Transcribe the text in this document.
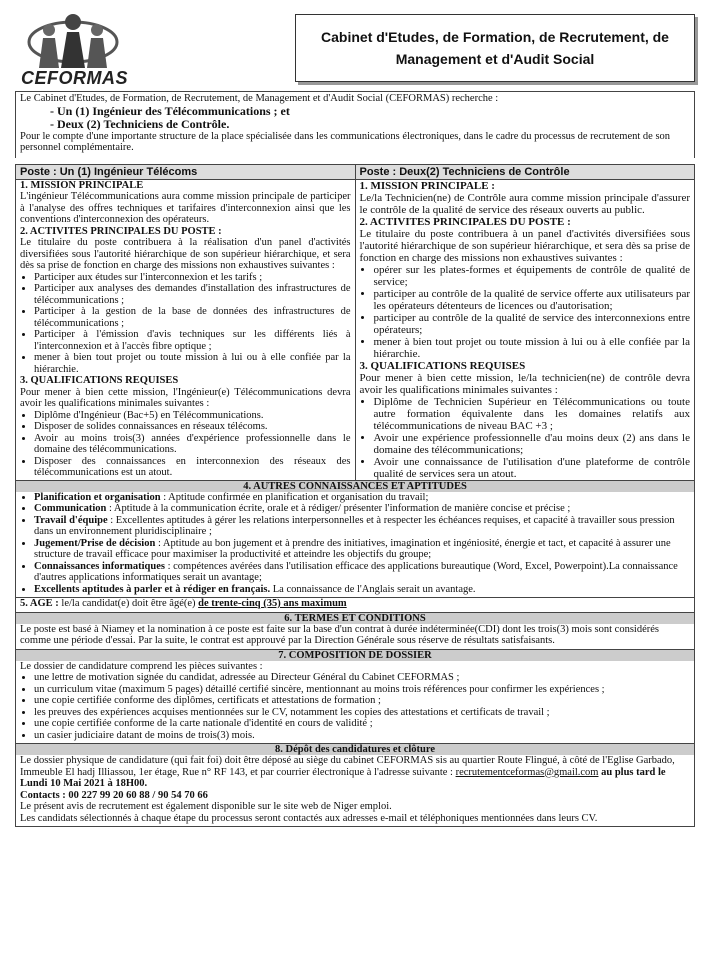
CEFORMAS
Cabinet d'Etudes, de Formation, de Recrutement, de Management et d'Audit Social
Le Cabinet d'Etudes, de Formation, de Recrutement, de Management et d'Audit Social (CEFORMAS) recherche :
- Un (1) Ingénieur des Télécommunications ; et
- Deux (2) Techniciens de Contrôle.
Pour le compte d'une importante structure de la place spécialisée dans les communications électroniques, dans le cadre du processus de recrutement de son personnel complémentaire.
Poste : Un (1) Ingénieur Télécoms
1. MISSION PRINCIPALE
L'ingénieur Télécommunications aura comme mission principale de participer à l'analyse des offres techniques et tarifaires d'interconnexion ainsi que les conventions d'interconnexion des opérateurs.
2. ACTIVITES PRINCIPALES DU POSTE :
Le titulaire du poste contribuera à la réalisation d'un panel d'activités diversifiées sous l'autorité hiérarchique de son supérieur hiérarchique, et sera dès sa prise de fonction en charge des missions non exhaustives suivantes :
• Participer aux études sur l'interconnexion et les tarifs ;
• Participer aux analyses des demandes d'installation des infrastructures de télécommunications ;
• Participer à la gestion de la base de données des infrastructures de télécommunications ;
• Participer à l'émission d'avis techniques sur les différents liés à l'interconnexion et à l'accès fibre optique ;
• mener à bien tout projet ou toute mission à lui ou à elle confiée par la hiérarchie.
3. QUALIFICATIONS REQUISES
Pour mener à bien cette mission, l'Ingénieur(e) Télécommunications devra avoir les qualifications minimales suivantes :
• Diplôme d'Ingénieur (Bac+5) en Télécommunications.
• Disposer de solides connaissances en réseaux télécoms.
• Avoir au moins trois(3) années d'expérience professionnelle dans le domaine des télécommunications.
• Disposer des connaissances en interconnexion des réseaux des télécommunications est un atout.
Poste : Deux(2) Techniciens de Contrôle
1. MISSION PRINCIPALE :
Le/la Technicien(ne) de Contrôle aura comme mission principale d'assurer le contrôle de la qualité de service des réseaux ouverts au public.
2. ACTIVITES PRINCIPALES DU POSTE :
Le titulaire du poste contribuera à un panel d'activités diversifiées sous l'autorité hiérarchique de son supérieur hiérarchique, et sera dès sa prise de fonction en charge des missions non exhaustives suivantes :
• opérer sur les plates-formes et équipements de contrôle de qualité de service;
• participer au contrôle de la qualité de service offerte aux utilisateurs par les opérateurs détenteurs de licences ou d'autorisation;
• participer au contrôle de la qualité de service des interconnexions entre opérateurs;
• mener à bien tout projet ou toute mission à lui ou à elle confiée par la hiérarchie.
3. QUALIFICATIONS REQUISES
Pour mener à bien cette mission, le/la technicien(ne) de contrôle devra avoir les qualifications minimales suivantes :
• Diplôme de Technicien Supérieur en Télécommunications ou toute autre formation équivalente dans les domaines relatifs aux télécommunications de niveau BAC +3 ;
• Avoir une expérience professionnelle d'au moins deux (2) ans dans le domaine des télécommunications;
• Avoir une connaissance de l'utilisation d'une plateforme de contrôle qualité de services sera un atout.
4. AUTRES CONNAISSANCES ET APTITUDES
• Planification et organisation : Aptitude confirmée en planification et organisation du travail;
• Communication : Aptitude à la communication écrite, orale et à rédiger/ présenter l'information de manière concise et précise ;
• Travail d'équipe : Excellentes aptitudes à gérer les relations interpersonnelles et à respecter les échéances requises, et capacité à travailler sous pression dans un environnement pluridisciplinaire ;
• Jugement/Prise de décision : Aptitude au bon jugement et à prendre des initiatives, imagination et ingéniosité, énergie et tact, et capacité à assurer une structure de travail efficace pour maximiser la productivité et atteindre les objectifs du groupe;
• Connaissances informatiques : compétences avérées dans l'utilisation efficace des applications bureautique (Word, Excel, Powerpoint).La connaissance d'autres applications informatiques serait un avantage;
• Excellents aptitudes à parler et à rédiger en français. La connaissance de l'Anglais serait un avantage.
5. AGE : le/la candidat(e) doit être âgé(e) de trente-cinq (35) ans maximum
6. TERMES ET CONDITIONS
Le poste est basé à Niamey et la nomination à ce poste est faite sur la base d'un contrat à durée indéterminée(CDI) dont les trois(3) mois sont considérés comme une période d'essai. Par la suite, le contrat est approuvé par la Direction Générale sous réserve de résultats satisfaisants.
7. COMPOSITION DE DOSSIER
Le dossier de candidature comprend les pièces suivantes :
• une lettre de motivation signée du candidat, adressée au Directeur Général du Cabinet CEFORMAS ;
• un curriculum vitae (maximum 5 pages) détaillé certifié sincère, mentionnant au moins trois références pour confirmer les expériences ;
• une copie certifiée conforme des diplômes, certificats et attestations de formation ;
• les preuves des expériences acquises mentionnées sur le CV, notamment les copies des attestations et certificats de travail ;
• une copie certifiée conforme de la carte nationale d'identité en cours de validité ;
• un casier judiciaire datant de moins de trois(3) mois.
8. Dépôt des candidatures et clôture
Le dossier physique de candidature (qui fait foi) doit être déposé au siège du cabinet CEFORMAS sis au quartier Route Flingué, à côté de l'Eglise Garbado, Immeuble El hadj Illiassou, 1er étage, Rue n° RF 143, et par courrier électronique à l'adresse suivante : recrutementceformas@gmail.com au plus tard le Lundi 10 Mai 2021 à 18H00.
Contacts : 00 227 99 20 60 88 / 90 54 70 66
Le présent avis de recrutement est également disponible sur le site web de Niger emploi.
Les candidats sélectionnés à chaque étape du processus seront contactés aux adresses e-mail et téléphoniques mentionnées dans leurs CV.
